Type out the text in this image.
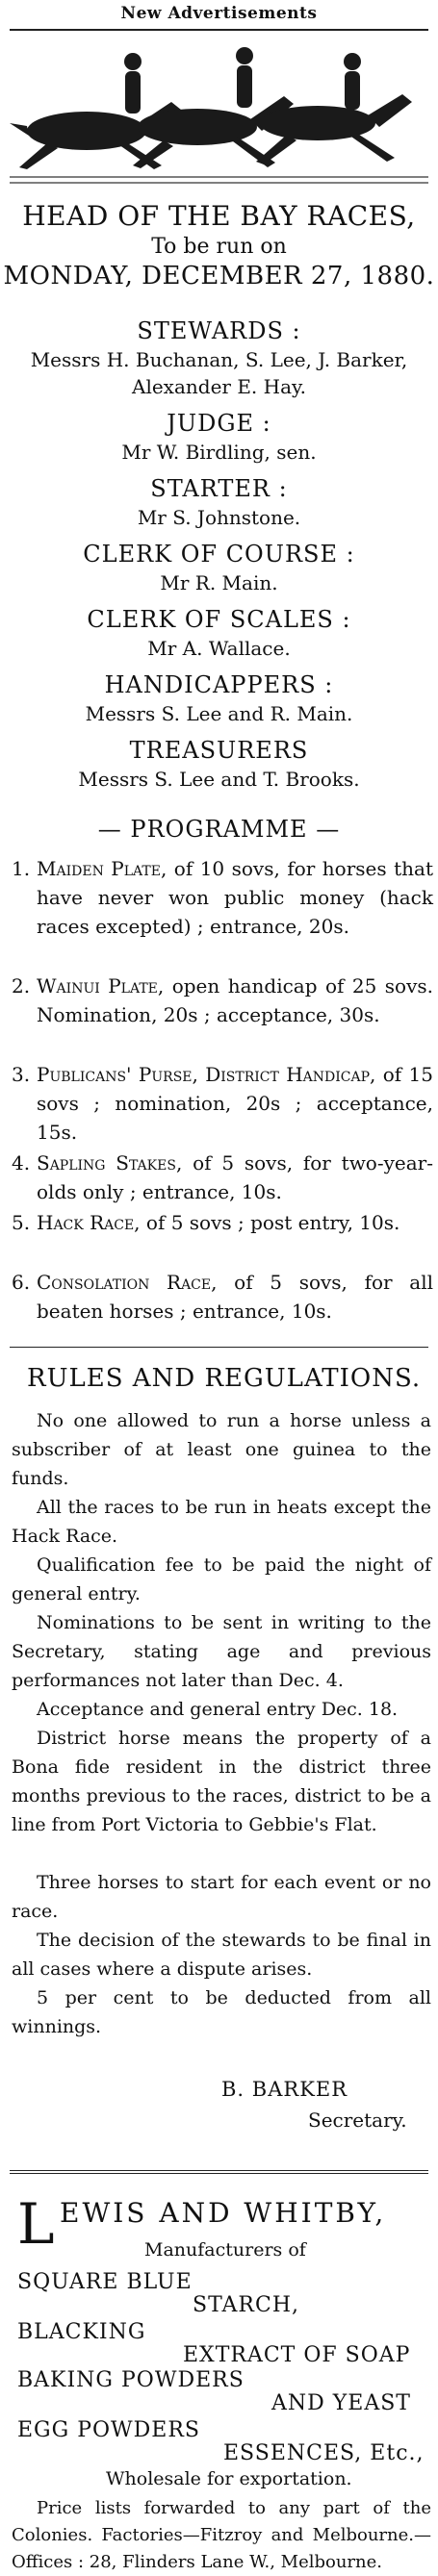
New Advertisements
HEAD OF THE BAY RACES,
To be run on
MONDAY, DECEMBER 27, 1880.
STEWARDS :
Messrs H. Buchanan, S. Lee, J. Barker,
Alexander E. Hay.
JUDGE :
Mr W. Birdling, sen.
STARTER :
Mr S. Johnstone.
CLERK OF COURSE :
Mr R. Main.
CLERK OF SCALES :
Mr A. Wallace.
HANDICAPPERS :
Messrs S. Lee and R. Main.
TREASURERS
Messrs S. Lee and T. Brooks.
— PROGRAMME —
1. Maiden Plate, of 10 sovs, for horses that have never won public money (hack races excepted) ; entrance, 20s.
2. Wainui Plate, open handicap of 25 sovs. Nomination, 20s ; acceptance, 30s.
3. Publicans' Purse, District Handicap, of 15 sovs ; nomination, 20s ; acceptance, 15s.
4. Sapling Stakes, of 5 sovs, for two-year-olds only ; entrance, 10s.
5. Hack Race, of 5 sovs ; post entry, 10s.
6. Consolation Race, of 5 sovs, for all beaten horses ; entrance, 10s.
RULES AND REGULATIONS.
No one allowed to run a horse unless a subscriber of at least one guinea to the funds.
All the races to be run in heats except the Hack Race.
Qualification fee to be paid the night of general entry.
Nominations to be sent in writing to the Secretary, stating age and previous performances not later than Dec. 4.
Acceptance and general entry Dec. 18.
District horse means the property of a Bona fide resident in the district three months previous to the races, district to be a line from Port Victoria to Gebbie's Flat.
Three horses to start for each event or no race.
The decision of the stewards to be final in all cases where a dispute arises.
5 per cent to be deducted from all winnings.
B. BARKER
Secretary.
L EWIS AND WHITBY,
Manufacturers of
SQUARE BLUE
STARCH,
BLACKING
EXTRACT OF SOAP
BAKING POWDERS
AND YEAST
EGG POWDERS
ESSENCES, Etc.,
Wholesale for exportation.
Price lists forwarded to any part of the Colonies. Factories—Fitzroy and Melbourne.—Offices : 28, Flinders Lane W., Melbourne.
